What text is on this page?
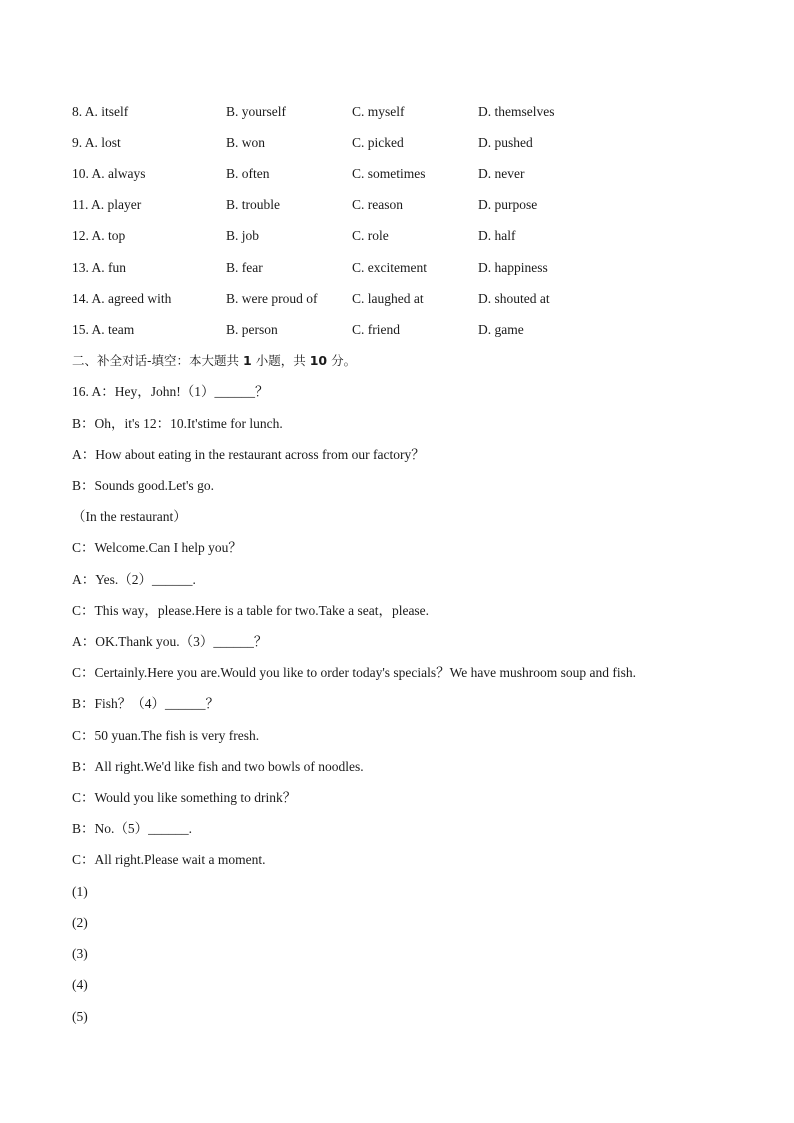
8. A. itself	B. yourself	C. myself	D. themselves
9. A. lost	B. won	C. picked	D. pushed
10. A. always	B. often	C. sometimes	D. never
11. A. player	B. trouble	C. reason	D. purpose
12. A. top	B. job	C. role	D. half
13. A. fun	B. fear	C. excitement	D. happiness
14. A. agreed with	B. were proud of	C. laughed at	D. shouted at
15. A. team	B. person	C. friend	D. game
二、补全对话-填空：本大题共 1 小题，共 10 分。
16. A：Hey，John!（1）______？
B：Oh，it's 12：10.It'stime for lunch.
A：How about eating in the restaurant across from our factory？
B：Sounds good.Let's go.
（In the restaurant）
C：Welcome.Can I help you？
A：Yes.（2）______.
C：This way，please.Here is a table for two.Take a seat，please.
A：OK.Thank you.（3）______？
C：Certainly.Here you are.Would you like to order today's specials？We have mushroom soup and fish.
B：Fish？（4）______？
C：50 yuan.The fish is very fresh.
B：All right.We'd like fish and two bowls of noodles.
C：Would you like something to drink？
B：No.（5）______.
C：All right.Please wait a moment.
(1)
(2)
(3)
(4)
(5)
